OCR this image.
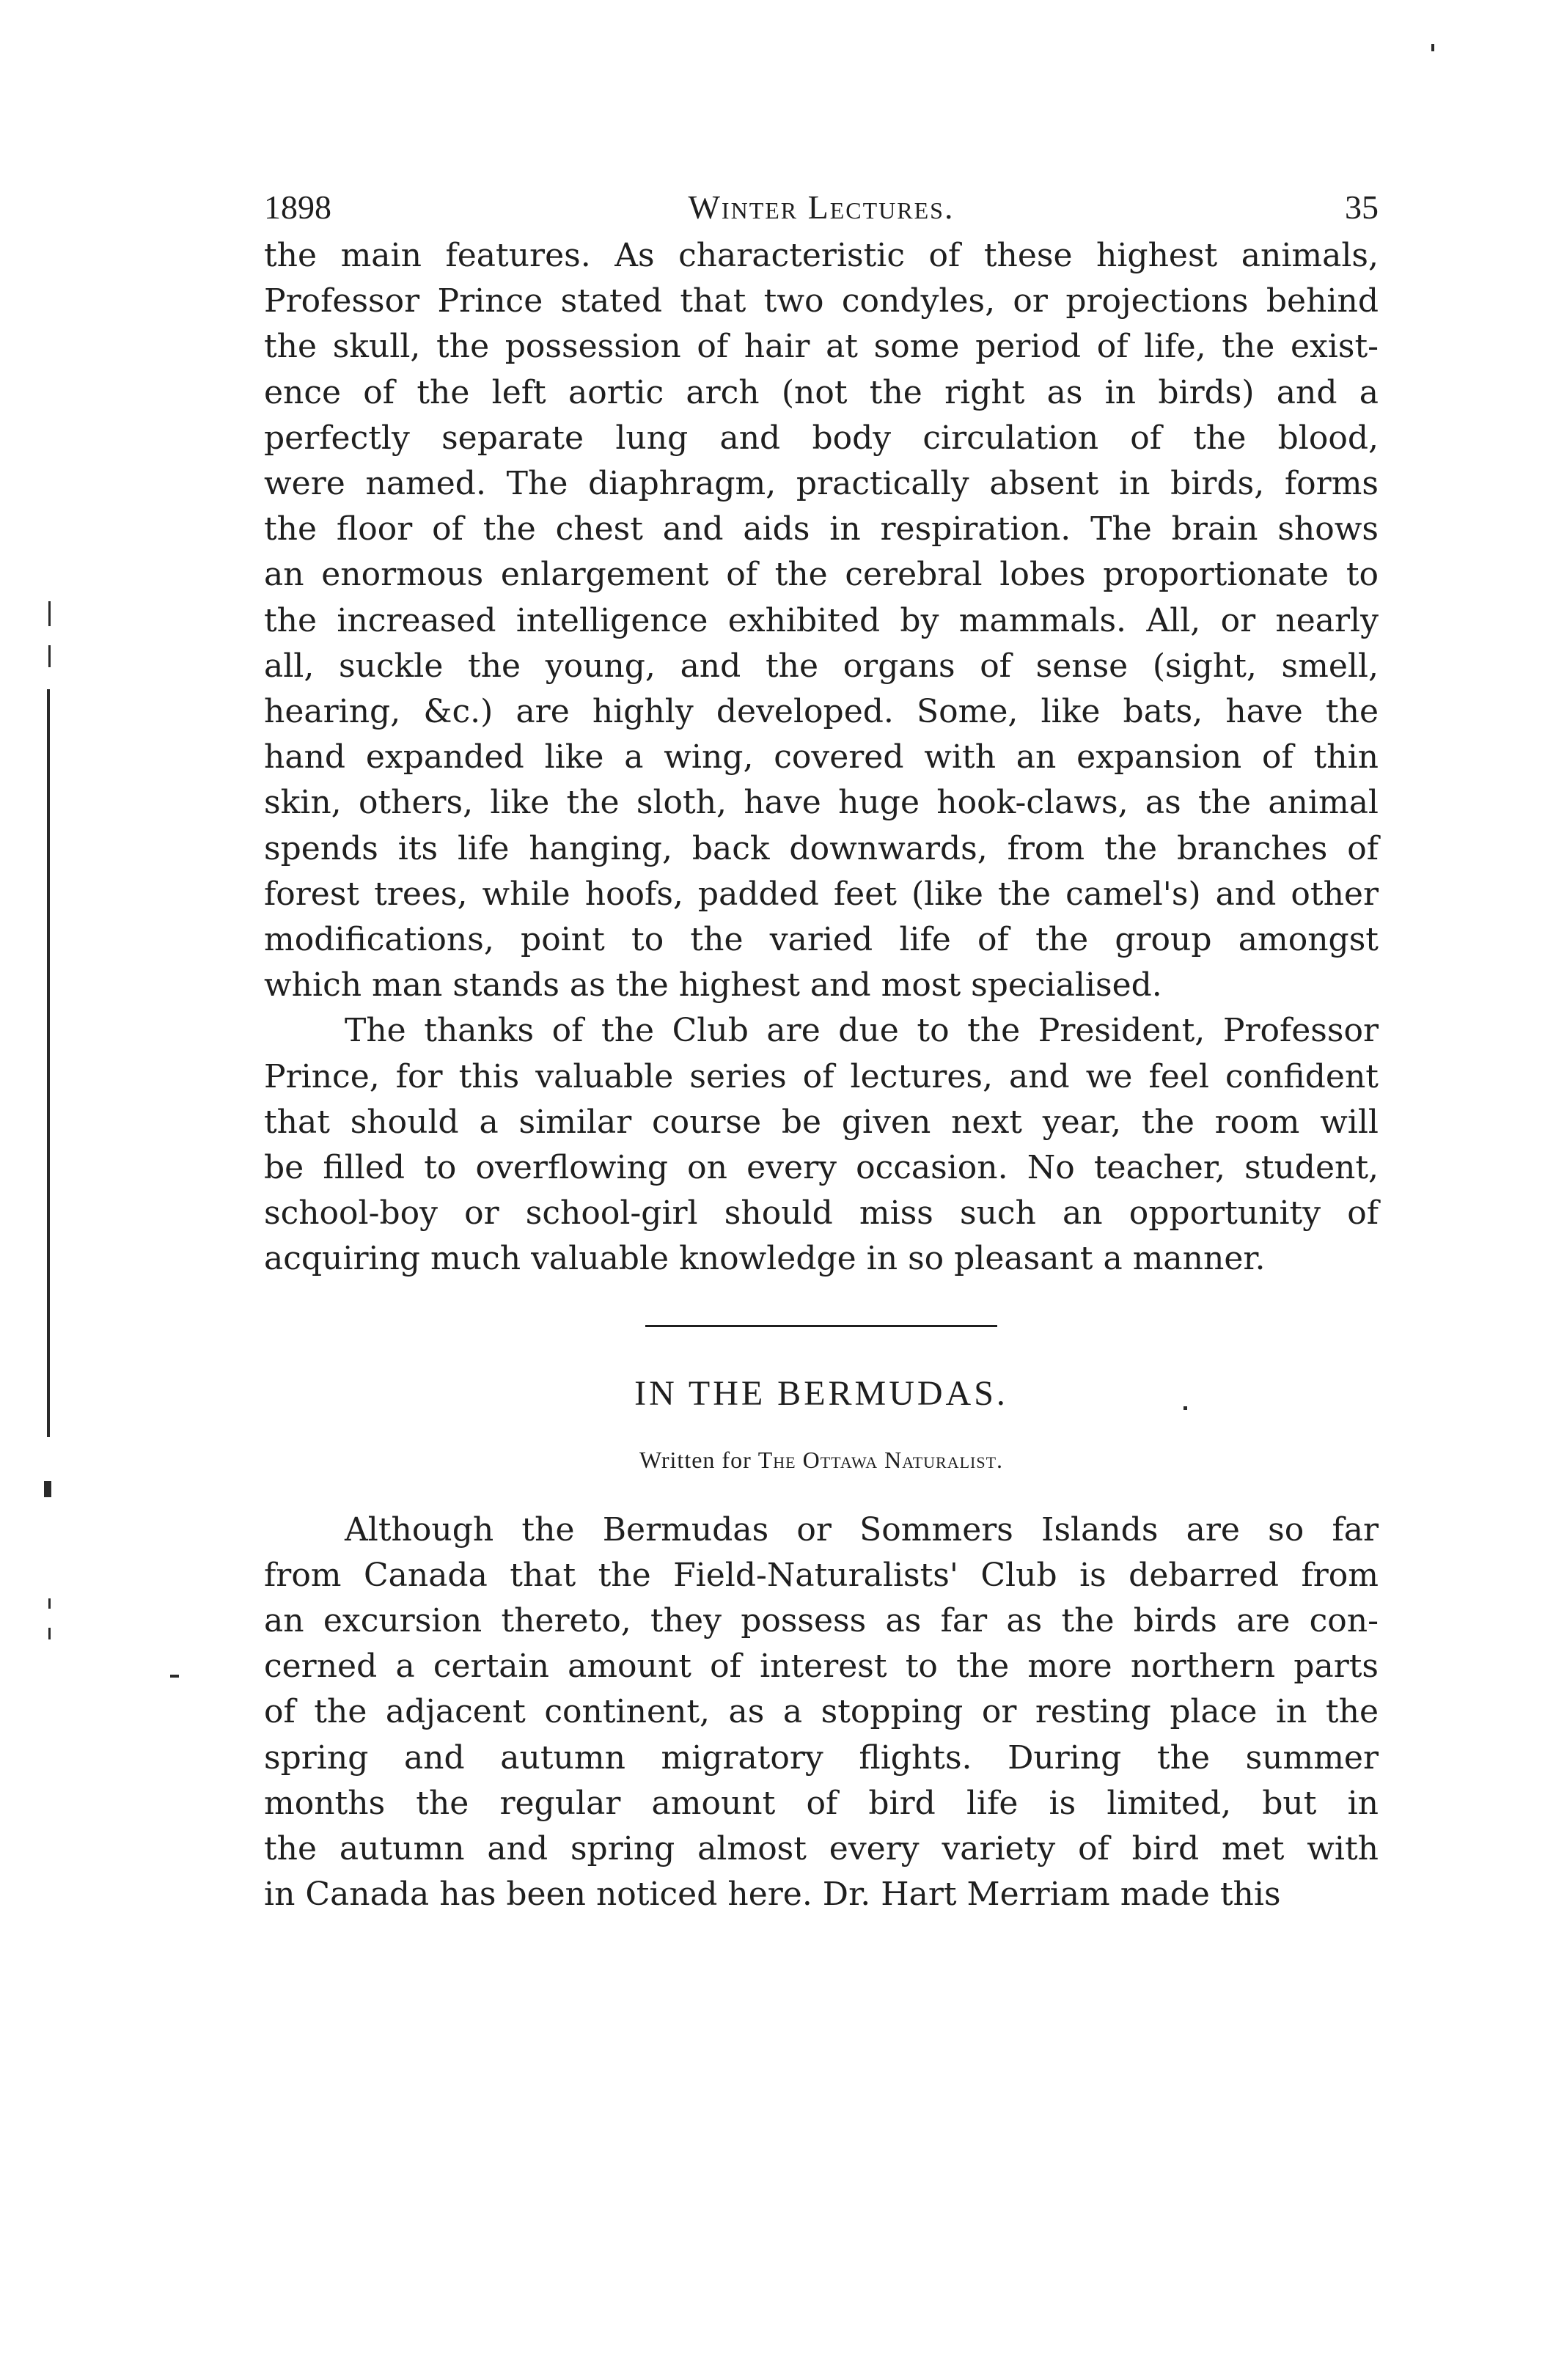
1898	Winter Lectures.	35

the main features. As characteristic of these highest animals,
Professor Prince stated that two condyles, or projections behind
the skull, the possession of hair at some period of life, the exist-
ence of the left aortic arch (not the right as in birds) and a
perfectly separate lung and body circulation of the blood,
were named. The diaphragm, practically absent in birds, forms
the floor of the chest and aids in respiration. The brain shows
an enormous enlargement of the cerebral lobes proportionate to
the increased intelligence exhibited by mammals. All, or nearly
all, suckle the young, and the organs of sense (sight, smell,
hearing, &c.) are highly developed. Some, like bats, have the
hand expanded like a wing, covered with an expansion of thin
skin, others, like the sloth, have huge hook-claws, as the animal
spends its life hanging, back downwards, from the branches of
forest trees, while hoofs, padded feet (like the camel's) and other
modifications, point to the varied life of the group amongst
which man stands as the highest and most specialised.

The thanks of the Club are due to the President, Professor
Prince, for this valuable series of lectures, and we feel confident
that should a similar course be given next year, the room will
be filled to overflowing on every occasion. No teacher, student,
school-boy or school-girl should miss such an opportunity of
acquiring much valuable knowledge in so pleasant a manner.

IN THE BERMUDAS.
Written for The Ottawa Naturalist.

Although the Bermudas or Sommers Islands are so far
from Canada that the Field-Naturalists' Club is debarred from
an excursion thereto, they possess as far as the birds are con-
cerned a certain amount of interest to the more northern parts
of the adjacent continent, as a stopping or resting place in the
spring and autumn migratory flights. During the summer
months the regular amount of bird life is limited, but in
the autumn and spring almost every variety of bird met with
in Canada has been noticed here. Dr. Hart Merriam made this
